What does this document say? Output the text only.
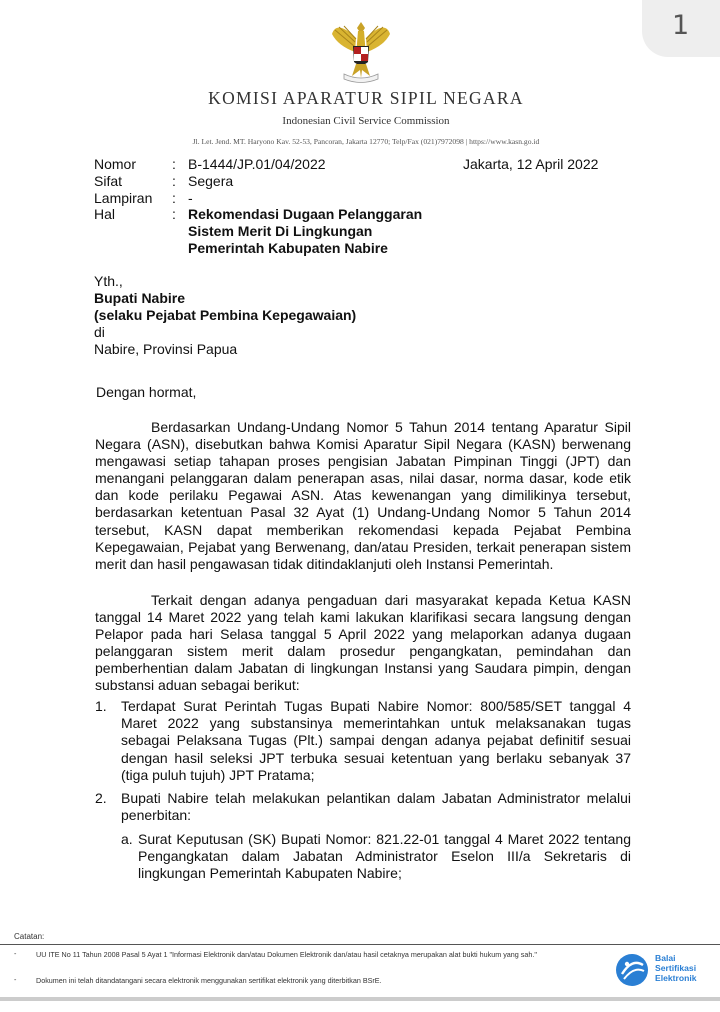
1
KOMISI APARATUR SIPIL NEGARA
Indonesian Civil Service Commission
Jl. Let. Jend. MT. Haryono Kav. 52-53, Pancoran, Jakarta 12770; Telp/Fax (021)7972098 | https://www.kasn.go.id
Nomor	: B-1444/JP.01/04/2022
Sifat	: Segera
Lampiran	: -
Hal	: Rekomendasi Dugaan Pelanggaran
Sistem Merit Di Lingkungan
Pemerintah Kabupaten Nabire
Jakarta, 12 April 2022
Yth.,
Bupati Nabire
(selaku Pejabat Pembina Kepegawaian)
di
Nabire, Provinsi Papua
Dengan hormat,

Berdasarkan Undang-Undang Nomor 5 Tahun 2014 tentang Aparatur Sipil Negara (ASN), disebutkan bahwa Komisi Aparatur Sipil Negara (KASN) berwenang mengawasi setiap tahapan proses pengisian Jabatan Pimpinan Tinggi (JPT) dan menangani pelanggaran dalam penerapan asas, nilai dasar, norma dasar, kode etik dan kode perilaku Pegawai ASN. Atas kewenangan yang dimilikinya tersebut, berdasarkan ketentuan Pasal 32 Ayat (1) Undang-Undang Nomor 5 Tahun 2014 tersebut, KASN dapat memberikan rekomendasi kepada Pejabat Pembina Kepegawaian, Pejabat yang Berwenang, dan/atau Presiden, terkait penerapan sistem merit dan hasil pengawasan tidak ditindaklanjuti oleh Instansi Pemerintah.

Terkait dengan adanya pengaduan dari masyarakat kepada Ketua KASN tanggal 14 Maret 2022 yang telah kami lakukan klarifikasi secara langsung dengan Pelapor pada hari Selasa tanggal 5 April 2022 yang melaporkan adanya dugaan pelanggaran sistem merit dalam prosedur pengangkatan, pemindahan dan pemberhentian dalam Jabatan di lingkungan Instansi yang Saudara pimpin, dengan substansi aduan sebagai berikut:

1. Terdapat Surat Perintah Tugas Bupati Nabire Nomor: 800/585/SET tanggal 4 Maret 2022 yang substansinya memerintahkan untuk melaksanakan tugas sebagai Pelaksana Tugas (Plt.) sampai dengan adanya pejabat definitif sesuai dengan hasil seleksi JPT terbuka sesuai ketentuan yang berlaku sebanyak 37 (tiga puluh tujuh) JPT Pratama;
2. Bupati Nabire telah melakukan pelantikan dalam Jabatan Administrator melalui penerbitan:
a. Surat Keputusan (SK) Bupati Nomor: 821.22-01 tanggal 4 Maret 2022 tentang Pengangkatan dalam Jabatan Administrator Eselon III/a Sekretaris di lingkungan Pemerintah Kabupaten Nabire;
Catatan:
-	UU ITE No 11 Tahun 2008 Pasal 5 Ayat 1 "Informasi Elektronik dan/atau Dokumen Elektronik dan/atau hasil cetaknya merupakan alat bukti hukum yang sah."
-	Dokumen ini telah ditandatangani secara elektronik menggunakan sertifikat elektronik yang diterbitkan BSrE.
Balai
Sertifikasi
Elektronik
